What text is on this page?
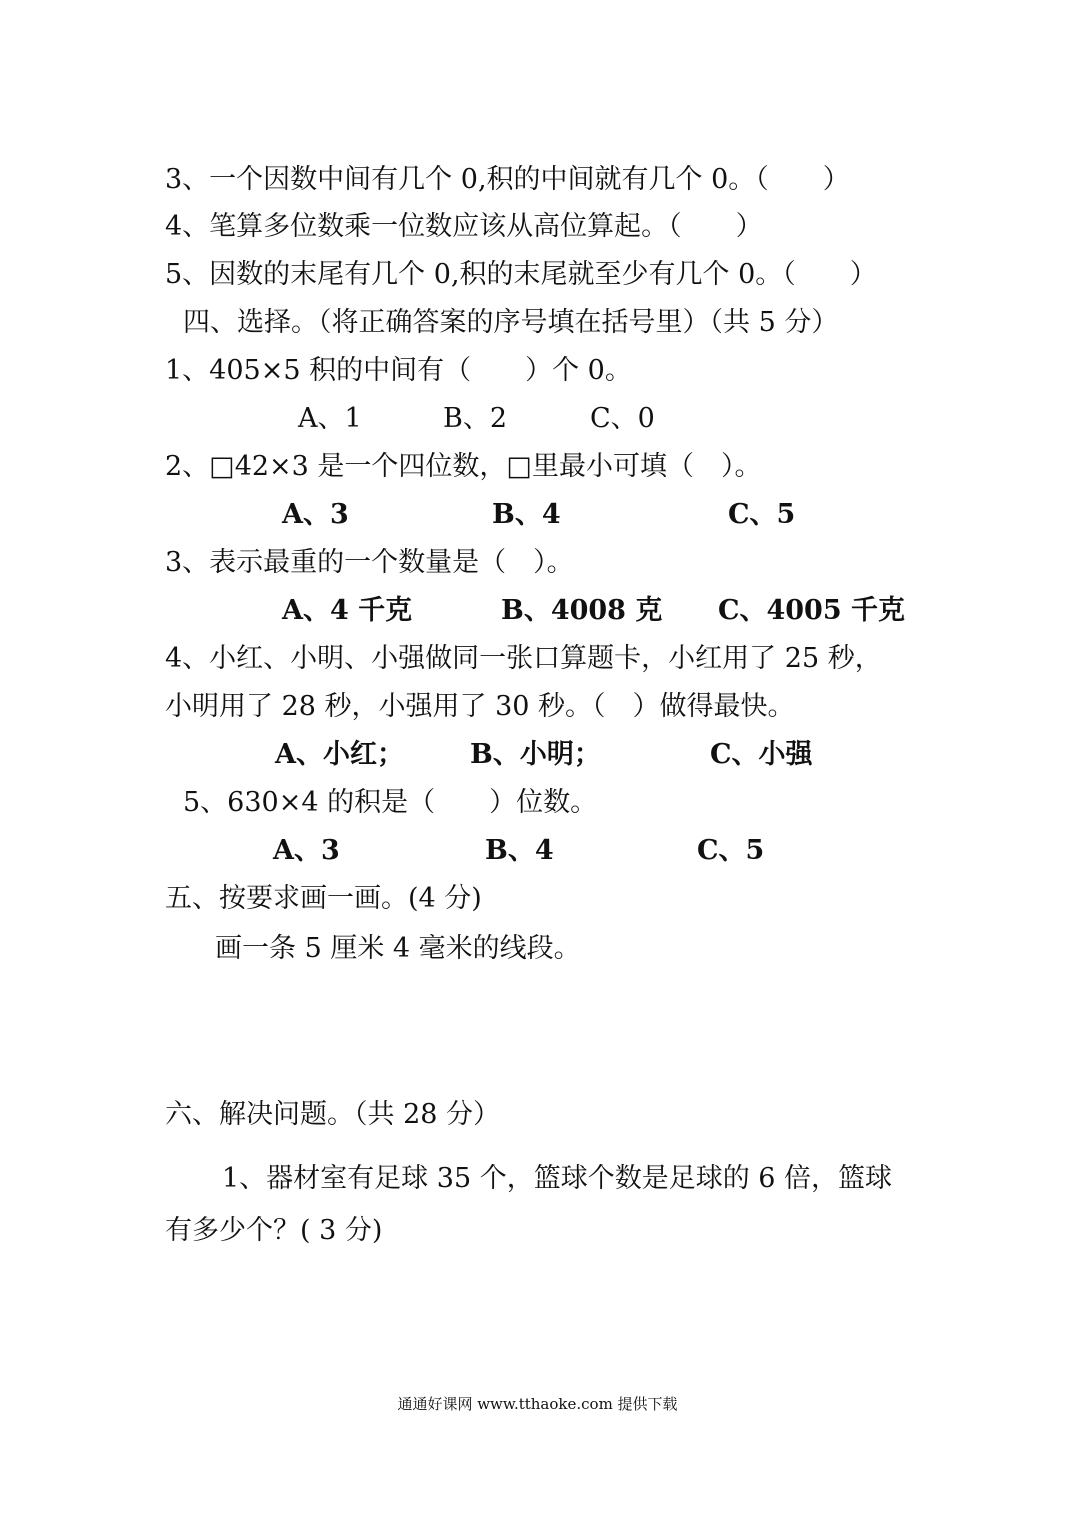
3、一个因数中间有几个 0,积的中间就有几个 0。（　　）
4、笔算多位数乘一位数应该从高位算起。（　　）
5、因数的末尾有几个 0,积的末尾就至少有几个 0。（　　）
四、选择。（将正确答案的序号填在括号里）（共 5 分）
1、405×5 积的中间有（　　）个 0。
A、1	B、2	C、0
2、□42×3 是一个四位数，□里最小可填（　）。
A、3	B、4	C、5
3、表示最重的一个数量是（　）。
A、4 千克	B、4008 克 C、4005 千克
4、小红、小明、小强做同一张口算题卡，小红用了 25 秒，
小明用了 28 秒，小强用了 30 秒。（　）做得最快。
A、小红； B、小明；	C、小强
5、630×4 的积是（　　）位数。
A、3	B、4	C、5
五、按要求画一画。(4 分)
画一条 5 厘米 4 毫米的线段。
六、解决问题。（共 28 分）
1、器材室有足球 35 个，篮球个数是足球的 6 倍，篮球
有多少个？( 3 分)
通通好课网 www.tthaoke.com 提供下载
